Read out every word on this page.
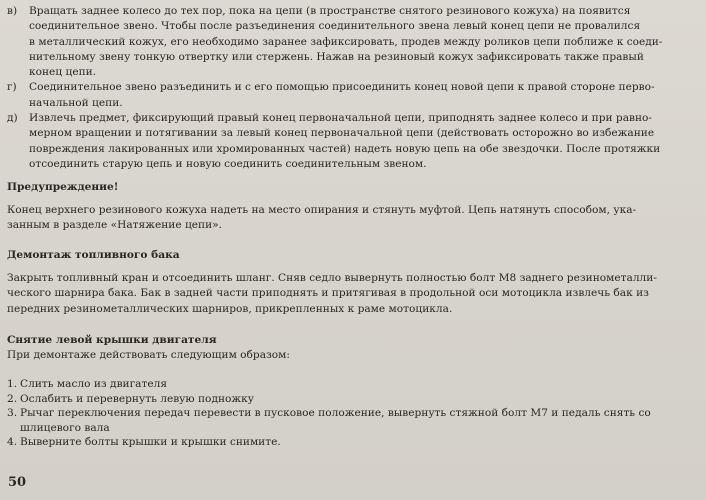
в)	Вращать заднее колесо до тех пор, пока на цепи (в пространстве снятого резинового кожуха) на появится
соединительное звено. Чтобы после разъединения соединительного звена левый конец цепи не провалился
в металлический кожух, его необходимо заранее зафиксировать, продев между роликов цепи поближе к соеди-
нительному звену тонкую отвертку или стержень. Нажав на резиновый кожух зафиксировать также правый
конец цепи.
г)	Соединительное звено разъединить и с его помощью присоединить конец новой цепи к правой стороне перво-
начальной цепи.
д)	Извлечь предмет, фиксирующий правый конец первоначальной цепи, приподнять заднее колесо и при равно-
мерном вращении и потягивании за левый конец первоначальной цепи (действовать осторожно во избежание
повреждения лакированных или хромированных частей) надеть новую цепь на обе звездочки. После протяжки
отсоединить старую цепь и новую соединить соединительным звеном.
Предупреждение!
Конец верхнего резинового кожуха надеть на место опирания и стянуть муфтой. Цепь натянуть способом, ука-
занным в разделе «Натяжение цепи».
Демонтаж топливного бака
Закрыть топливный кран и отсоединить шланг. Сняв седло вывернуть полностью болт М8 заднего резинометалли-
ческого шарнира бака. Бак в задней части приподнять и притягивая в продольной оси мотоцикла извлечь бак из
передних резинометаллических шарниров, прикрепленных к раме мотоцикла.
Снятие левой крышки двигателя
При демонтаже действовать следующим образом:
1. Слить масло из двигателя
2. Ослабить и перевернуть левую подножку
3. Рычаг переключения передач перевести в пусковое положение, вывернуть стяжной болт М7 и педаль снять со
шлицевого вала
4. Выверните болты крышки и крышки снимите.
50
